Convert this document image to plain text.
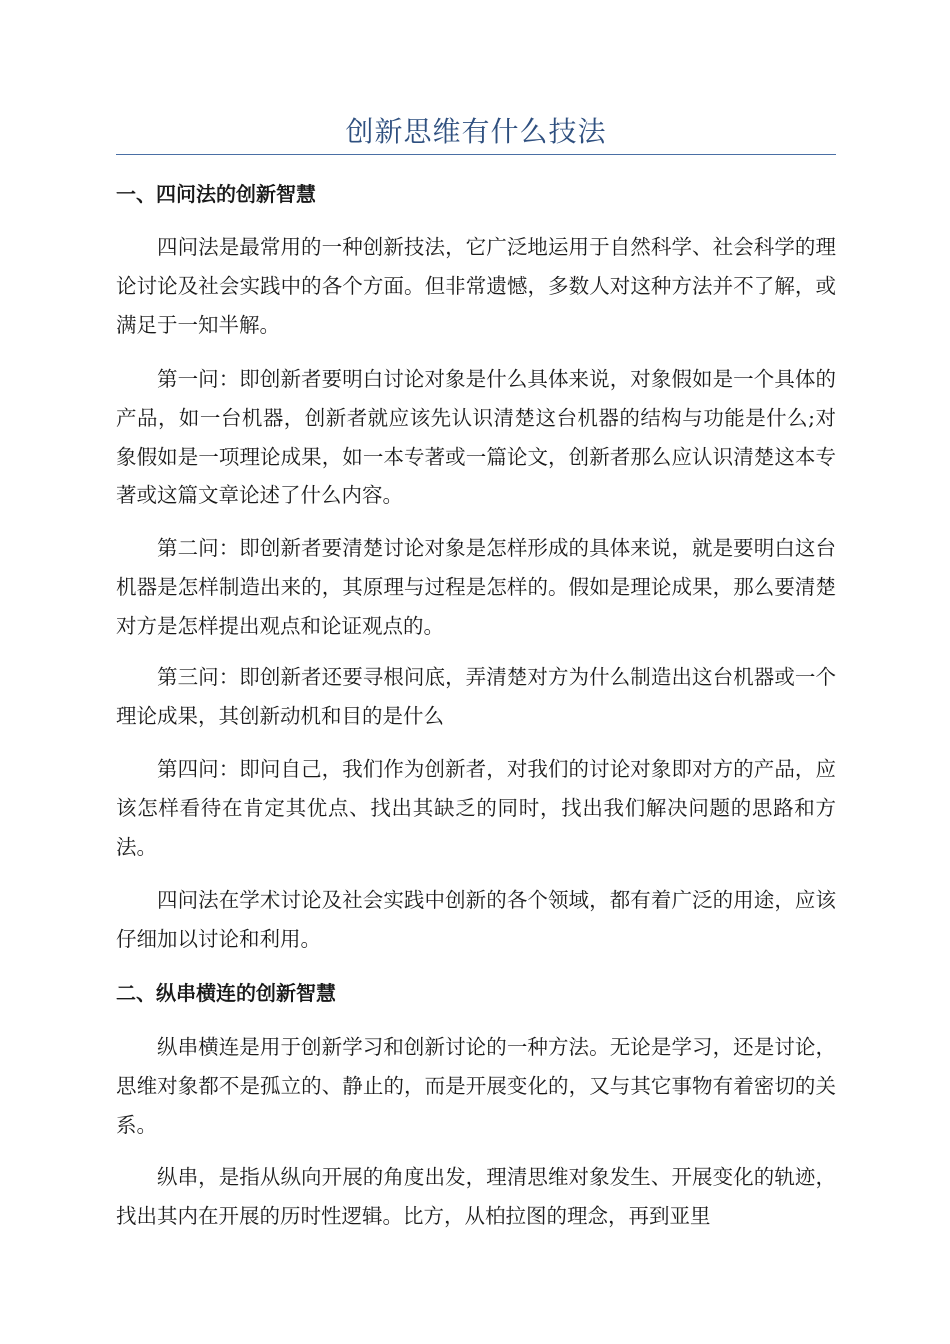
创新思维有什么技法
一、四问法的创新智慧
四问法是最常用的一种创新技法，它广泛地运用于自然科学、社会科学的理论讨论及社会实践中的各个方面。但非常遗憾，多数人对这种方法并不了解，或满足于一知半解。
第一问：即创新者要明白讨论对象是什么具体来说，对象假如是一个具体的产品，如一台机器，创新者就应该先认识清楚这台机器的结构与功能是什么;对象假如是一项理论成果，如一本专著或一篇论文，创新者那么应认识清楚这本专著或这篇文章论述了什么内容。
第二问：即创新者要清楚讨论对象是怎样形成的具体来说，就是要明白这台机器是怎样制造出来的，其原理与过程是怎样的。假如是理论成果，那么要清楚对方是怎样提出观点和论证观点的。
第三问：即创新者还要寻根问底，弄清楚对方为什么制造出这台机器或一个理论成果，其创新动机和目的是什么
第四问：即问自己，我们作为创新者，对我们的讨论对象即对方的产品，应该怎样看待在肯定其优点、找出其缺乏的同时，找出我们解决问题的思路和方法。
四问法在学术讨论及社会实践中创新的各个领域，都有着广泛的用途，应该仔细加以讨论和利用。
二、纵串横连的创新智慧
纵串横连是用于创新学习和创新讨论的一种方法。无论是学习，还是讨论，思维对象都不是孤立的、静止的，而是开展变化的，又与其它事物有着密切的关系。
纵串，是指从纵向开展的角度出发，理清思维对象发生、开展变化的轨迹，找出其内在开展的历时性逻辑。比方，从柏拉图的理念，再到亚里
